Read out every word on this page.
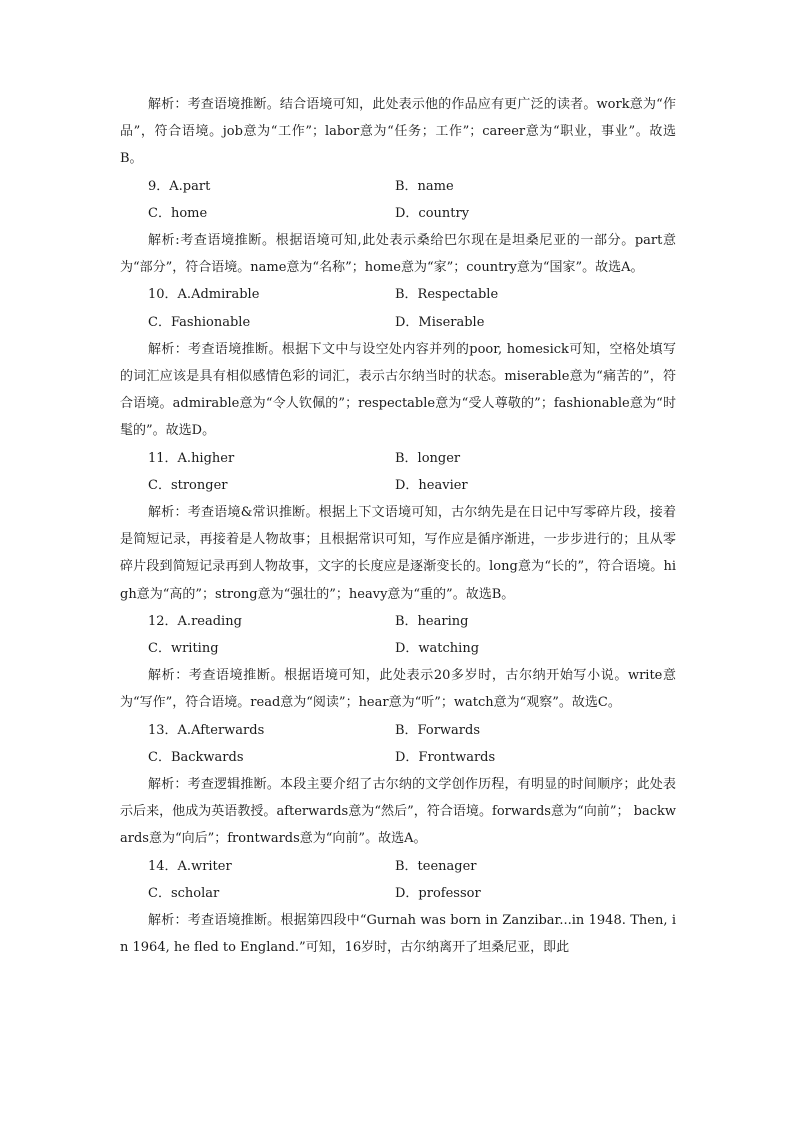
解析：考查语境推断。结合语境可知，此处表示他的作品应有更广泛的读者。work意为“作品”，符合语境。job意为“工作”；labor意为“任务；工作”；career意为“职业，事业”。故选B。

9．A.part	B．name
C．home	D．country

解析:考查语境推断。根据语境可知,此处表示桑给巴尔现在是坦桑尼亚的一部分。part意为“部分”，符合语境。name意为“名称”；home意为“家”；country意为“国家”。故选A。

10．A.Admirable	B．Respectable
C．Fashionable	D．Miserable

解析：考查语境推断。根据下文中与设空处内容并列的poor, homesick可知，空格处填写的词汇应该是具有相似感情色彩的词汇，表示古尔纳当时的状态。miserable意为“痛苦的”，符合语境。admirable意为“令人钦佩的”；respectable意为“受人尊敬的”；fashionable意为“时髦的”。故选D。

11．A.higher	B．longer
C．stronger	D．heavier

解析：考查语境&常识推断。根据上下文语境可知，古尔纳先是在日记中写零碎片段，接着是简短记录，再接着是人物故事；且根据常识可知，写作应是循序渐进，一步步进行的；且从零碎片段到简短记录再到人物故事，文字的长度应是逐渐变长的。long意为“长的”，符合语境。high意为“高的”；strong意为“强壮的”；heavy意为“重的”。故选B。

12．A.reading	B．hearing
C．writing	D．watching

解析：考查语境推断。根据语境可知，此处表示20多岁时，古尔纳开始写小说。write意为“写作”，符合语境。read意为“阅读”；hear意为“听”；watch意为“观察”。故选C。

13．A.Afterwards	B．Forwards
C．Backwards	D．Frontwards

解析：考查逻辑推断。本段主要介绍了古尔纳的文学创作历程，有明显的时间顺序；此处表示后来，他成为英语教授。afterwards意为“然后”，符合语境。forwards意为“向前”； backwards意为“向后”；frontwards意为“向前”。故选A。

14．A.writer	B．teenager
C．scholar	D．professor

解析：考查语境推断。根据第四段中“Gurnah was born in Zanzibar...in 1948. Then, in 1964, he fled to England.”可知，16岁时，古尔纳离开了坦桑尼亚，即此
